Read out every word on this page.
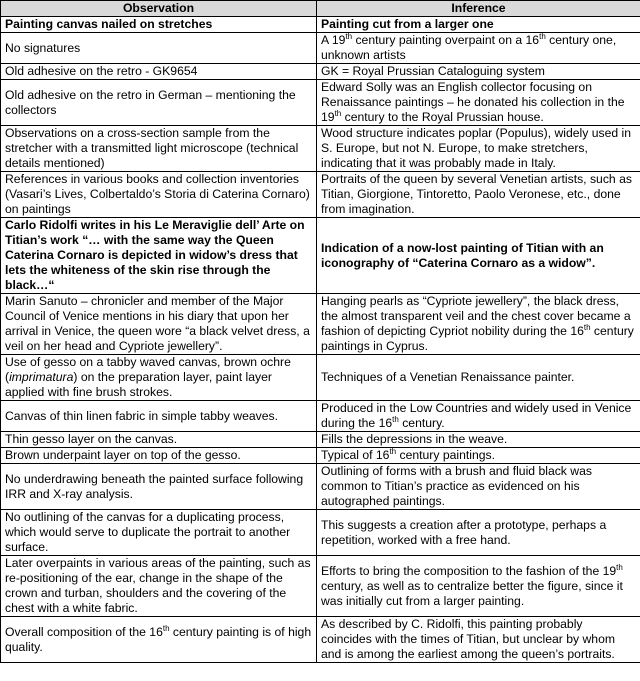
Observation	Inference
Painting canvas nailed on stretches	Painting cut from a larger one
No signatures	A 19th century painting overpaint on a 16th century one, unknown artists
Old adhesive on the retro - GK9654	GK = Royal Prussian Cataloguing system
Old adhesive on the retro in German – mentioning the collectors	Edward Solly was an English collector focusing on Renaissance paintings – he donated his collection in the 19th century to the Royal Prussian house.
Observations on a cross-section sample from the stretcher with a transmitted light microscope (technical details mentioned)	Wood structure indicates poplar (Populus), widely used in S. Europe, but not N. Europe, to make stretchers, indicating that it was probably made in Italy.
References in various books and collection inventories (Vasari’s Lives, Colbertaldo’s Storia di Caterina Cornaro) on paintings	Portraits of the queen by several Venetian artists, such as Titian, Giorgione, Tintoretto, Paolo Veronese, etc., done from imagination.
Carlo Ridolfi writes in his Le Meraviglie dell’ Arte on Titian’s work “… with the same way the Queen Caterina Cornaro is depicted in widow’s dress that lets the whiteness of the skin rise through the black…“	Indication of a now-lost painting of Titian with an iconography of “Caterina Cornaro as a widow”.
Marin Sanuto – chronicler and member of the Major Council of Venice mentions in his diary that upon her arrival in Venice, the queen wore “a black velvet dress, a veil on her head and Cypriote jewellery”.	Hanging pearls as “Cypriote jewellery”, the black dress, the almost transparent veil and the chest cover became a fashion of depicting Cypriot nobility during the 16th century paintings in Cyprus.
Use of gesso on a tabby waved canvas, brown ochre (imprimatura) on the preparation layer, paint layer applied with fine brush strokes.	Techniques of a Venetian Renaissance painter.
Canvas of thin linen fabric in simple tabby weaves.	Produced in the Low Countries and widely used in Venice during the 16th century.
Thin gesso layer on the canvas.	Fills the depressions in the weave.
Brown underpaint layer on top of the gesso.	Typical of 16th century paintings.
No underdrawing beneath the painted surface following IRR and X-ray analysis.	Outlining of forms with a brush and fluid black was common to Titian’s practice as evidenced on his autographed paintings.
No outlining of the canvas for a duplicating process, which would serve to duplicate the portrait to another surface.	This suggests a creation after a prototype, perhaps a repetition, worked with a free hand.
Later overpaints in various areas of the painting, such as re-positioning of the ear, change in the shape of the crown and turban, shoulders and the covering of the chest with a white fabric.	Efforts to bring the composition to the fashion of the 19th century, as well as to centralize better the figure, since it was initially cut from a larger painting.
Overall composition of the 16th century painting is of high quality.	As described by C. Ridolfi, this painting probably coincides with the times of Titian, but unclear by whom and is among the earliest among the queen’s portraits.
